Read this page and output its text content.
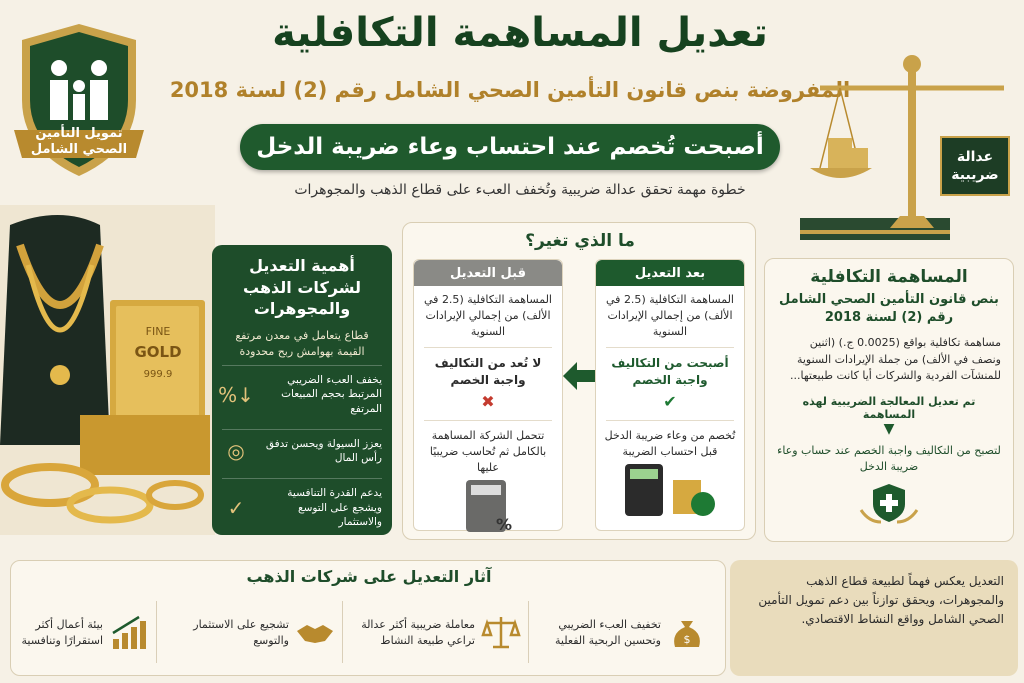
تعديل المساهمة التكافلية
المفروضة بنص قانون التأمين الصحي الشامل رقم (2) لسنة 2018
أصبحت تُخصم عند احتساب وعاء ضريبة الدخل
خطوة مهمة تحقق عدالة ضريبية وتُخفف العبء على قطاع الذهب والمجوهرات
تمويل التأمين الصحي الشامل	عدالة ضريبية
FINE
GOLD
999.9
أهمية التعديل لشركات الذهب والمجوهرات
قطاع يتعامل في معدن مرتفع القيمة بهوامش ربح محدودة
يخفف العبء الضريبي المرتبط بحجم المبيعات المرتفع
↓%
يعزز السيولة ويحسن تدفق رأس المال
◎
يدعم القدرة التنافسية ويشجع على التوسع والاستثمار
✓
ما الذي تغير؟
بعد التعديل
المساهمة التكافلية (2.5 في الألف) من إجمالي الإيرادات السنوية
أصبحت من التكاليف واجبة الخصم
✔
تُخصم من وعاء ضريبة الدخل قبل احتساب الضريبة
قبل التعديل
المساهمة التكافلية (2.5 في الألف) من إجمالي الإيرادات السنوية
لا تُعد من التكاليف واجبة الخصم
✖
تتحمل الشركة المساهمة بالكامل ثم تُحاسب ضريبيًا عليها
%
المساهمة التكافلية
بنص قانون التأمين الصحي الشامل رقم (2) لسنة 2018
مساهمة تكافلية بواقع (0.0025 ج.) (اثنين ونصف في الألف) من جملة الإيرادات السنوية للمنشآت الفردية والشركات أيا كانت طبيعتها...
تم تعديل المعالجة الضريبية لهذه المساهمة
▼
لتصبح من التكاليف واجبة الخصم عند حساب وعاء ضريبة الدخل
آثار التعديل على شركات الذهب
$
تخفيف العبء الضريبي وتحسين الربحية الفعلية
معاملة ضريبية أكثر عدالة تراعي طبيعة النشاط
تشجيع على الاستثمار والتوسع
بيئة أعمال أكثر استقرارًا وتنافسية
التعديل يعكس فهماً لطبيعة قطاع الذهب والمجوهرات، ويحقق توازناً بين دعم تمويل التأمين الصحي الشامل وواقع النشاط الاقتصادي.
